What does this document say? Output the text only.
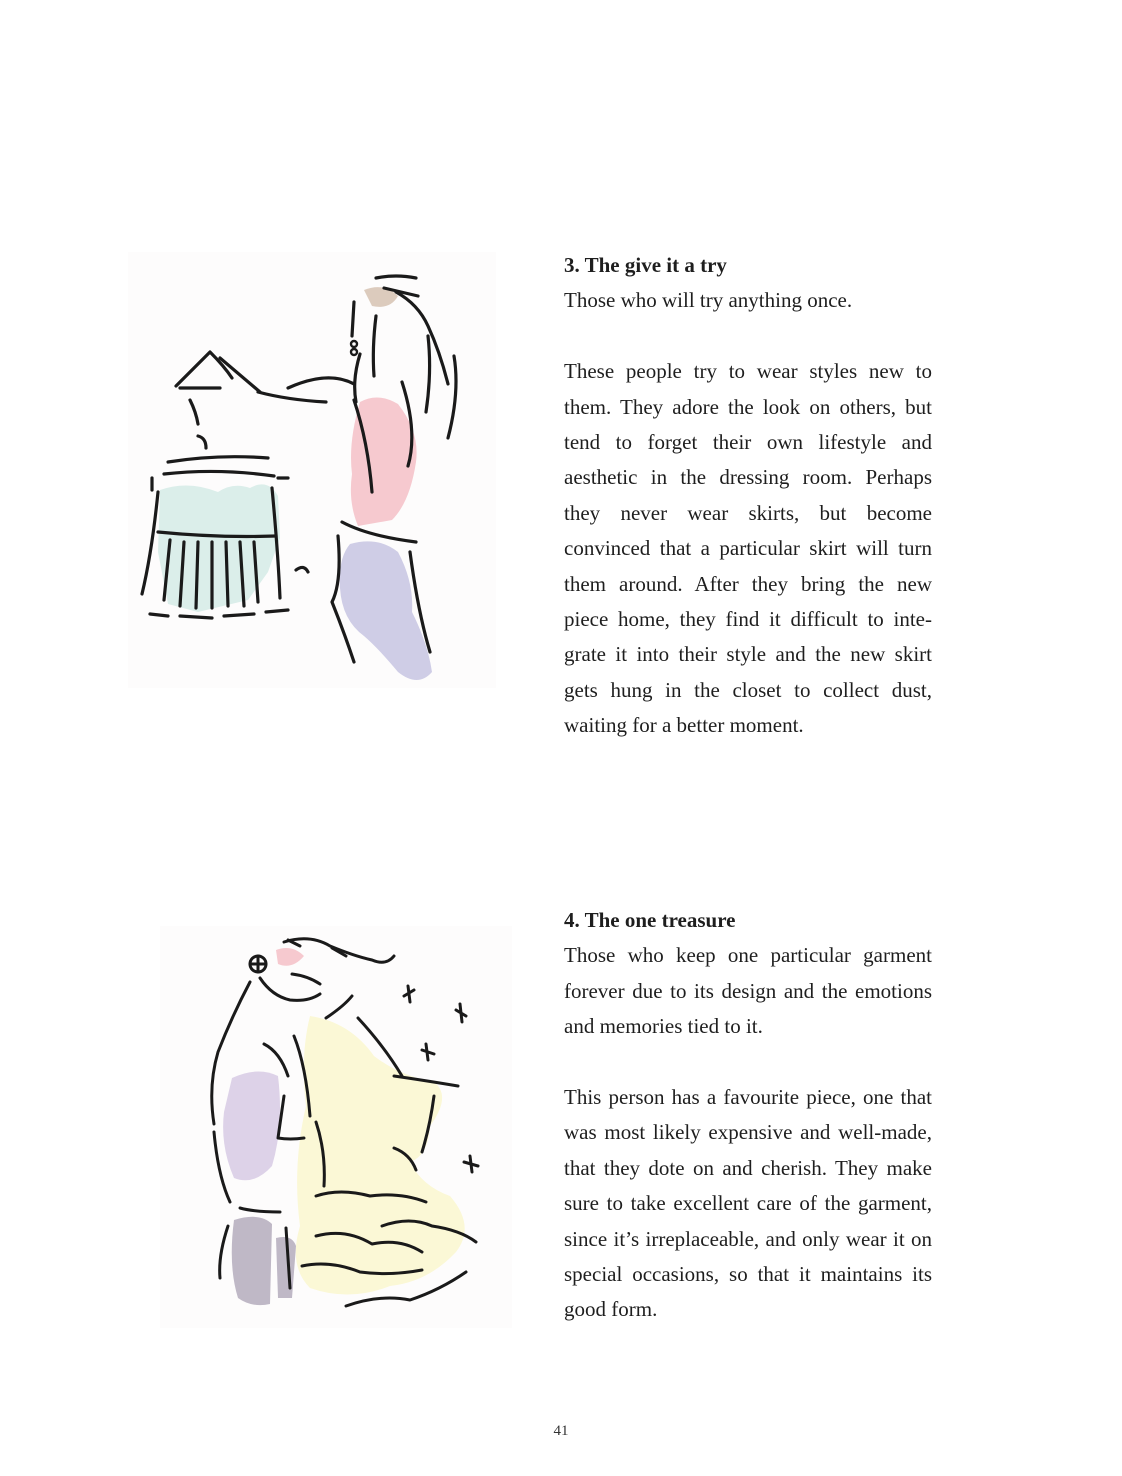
3. The give it a try

Those who will try anything once.

These people try to wear styles new to them. They adore the look on others, but tend to forget their own lifestyle and aesthetic in the dressing room. Perhaps they never wear skirts, but become convinced that a particular skirt will turn them around. After they bring the new piece home, they find it difficult to integrate it into their style and the new skirt gets hung in the closet to collect dust, waiting for a better moment.

4. The one treasure

Those who keep one particular garment forever due to its design and the emotions and memories tied to it.

This person has a favourite piece, one that was most likely expensive and well-made, that they dote on and cherish. They make sure to take excellent care of the garment, since it’s irreplaceable, and only wear it on special occasions, so that it maintains its good form.

41
